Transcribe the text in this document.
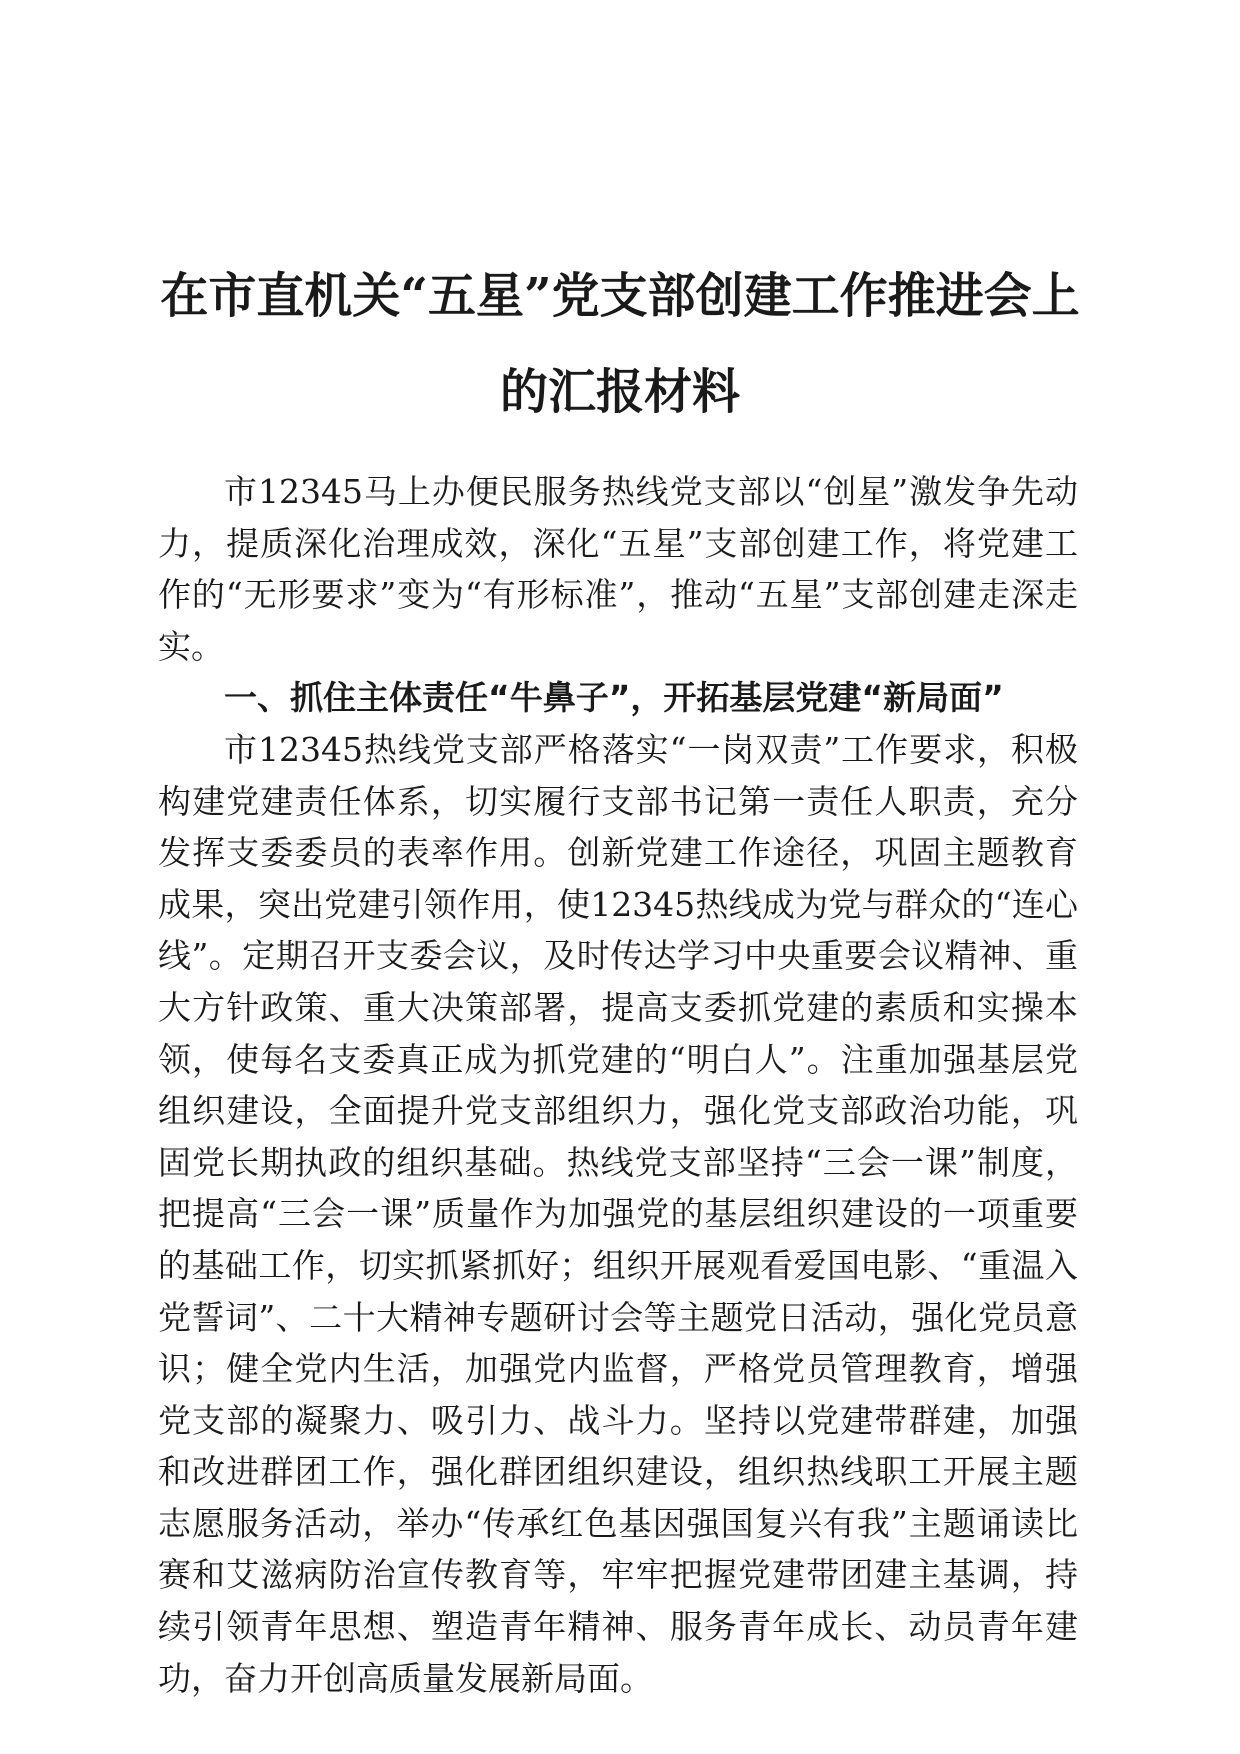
在市直机关“五星”党支部创建工作推进会上的汇报材料

市12345马上办便民服务热线党支部以“创星”激发争先动力，提质深化治理成效，深化“五星”支部创建工作，将党建工作的“无形要求”变为“有形标准”，推动“五星”支部创建走深走实。

一、抓住主体责任“牛鼻子”，开拓基层党建“新局面”

市12345热线党支部严格落实“一岗双责”工作要求，积极构建党建责任体系，切实履行支部书记第一责任人职责，充分发挥支委委员的表率作用。创新党建工作途径，巩固主题教育成果，突出党建引领作用，使12345热线成为党与群众的“连心线”。定期召开支委会议，及时传达学习中央重要会议精神、重大方针政策、重大决策部署，提高支委抓党建的素质和实操本领，使每名支委真正成为抓党建的“明白人”。注重加强基层党组织建设，全面提升党支部组织力，强化党支部政治功能，巩固党长期执政的组织基础。热线党支部坚持“三会一课”制度，把提高“三会一课”质量作为加强党的基层组织建设的一项重要的基础工作，切实抓紧抓好；组织开展观看爱国电影、“重温入党誓词”、二十大精神专题研讨会等主题党日活动，强化党员意识；健全党内生活，加强党内监督，严格党员管理教育，增强党支部的凝聚力、吸引力、战斗力。坚持以党建带群建，加强和改进群团工作，强化群团组织建设，组织热线职工开展主题志愿服务活动，举办“传承红色基因强国复兴有我”主题诵读比赛和艾滋病防治宣传教育等，牢牢把握党建带团建主基调，持续引领青年思想、塑造青年精神、服务青年成长、动员青年建功，奋力开创高质量发展新局面。
